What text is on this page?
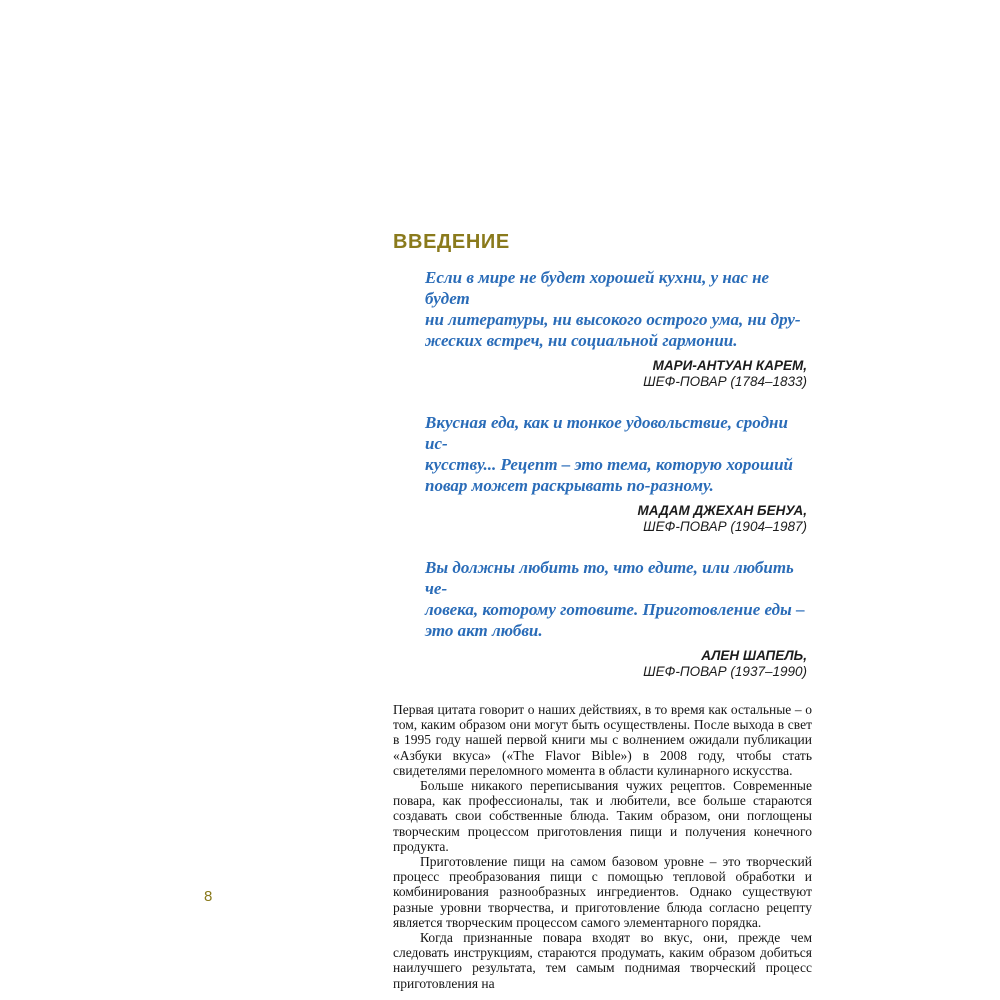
ВВЕДЕНИЕ
Если в мире не будет хорошей кухни, у нас не будет
ни литературы, ни высокого острого ума, ни дру-
жеских встреч, ни социальной гармонии.
МАРИ-АНТУАН КАРЕМ,
ШЕФ-ПОВАР (1784–1833)
Вкусная еда, как и тонкое удовольствие, сродни ис-
кусству... Рецепт – это тема, которую хороший
повар может раскрывать по-разному.
МАДАМ ДЖЕХАН БЕНУА,
ШЕФ-ПОВАР (1904–1987)
Вы должны любить то, что едите, или любить че-
ловека, которому готовите. Приготовление еды –
это акт любви.
АЛЕН ШАПЕЛЬ,
ШЕФ-ПОВАР (1937–1990)

Первая цитата говорит о наших действиях, в то время как остальные – о том, каким образом они могут быть осуществлены. После выхода в свет в 1995 году нашей первой книги мы с волнением ожидали публикации «Азбуки вкуса» («The Flavor Bible») в 2008 году, чтобы стать свидетелями переломного момента в области кулинарного искусства.

Больше никакого переписывания чужих рецептов. Современные повара, как профессионалы, так и любители, все больше стараются создавать свои собственные блюда. Таким образом, они поглощены творческим процессом приготовления пищи и получения конечного продукта.

Приготовление пищи на самом базовом уровне – это творческий процесс преобразования пищи с помощью тепловой обработки и комбинирования разнообразных ингредиентов. Однако существуют разные уровни творчества, и приготовление блюда согласно рецепту является творческим процессом самого элементарного порядка.

Когда признанные повара входят во вкус, они, прежде чем следовать инструкциям, стараются продумать, каким образом добиться наилучшего результата, тем самым поднимая творческий процесс приготовления на

8
